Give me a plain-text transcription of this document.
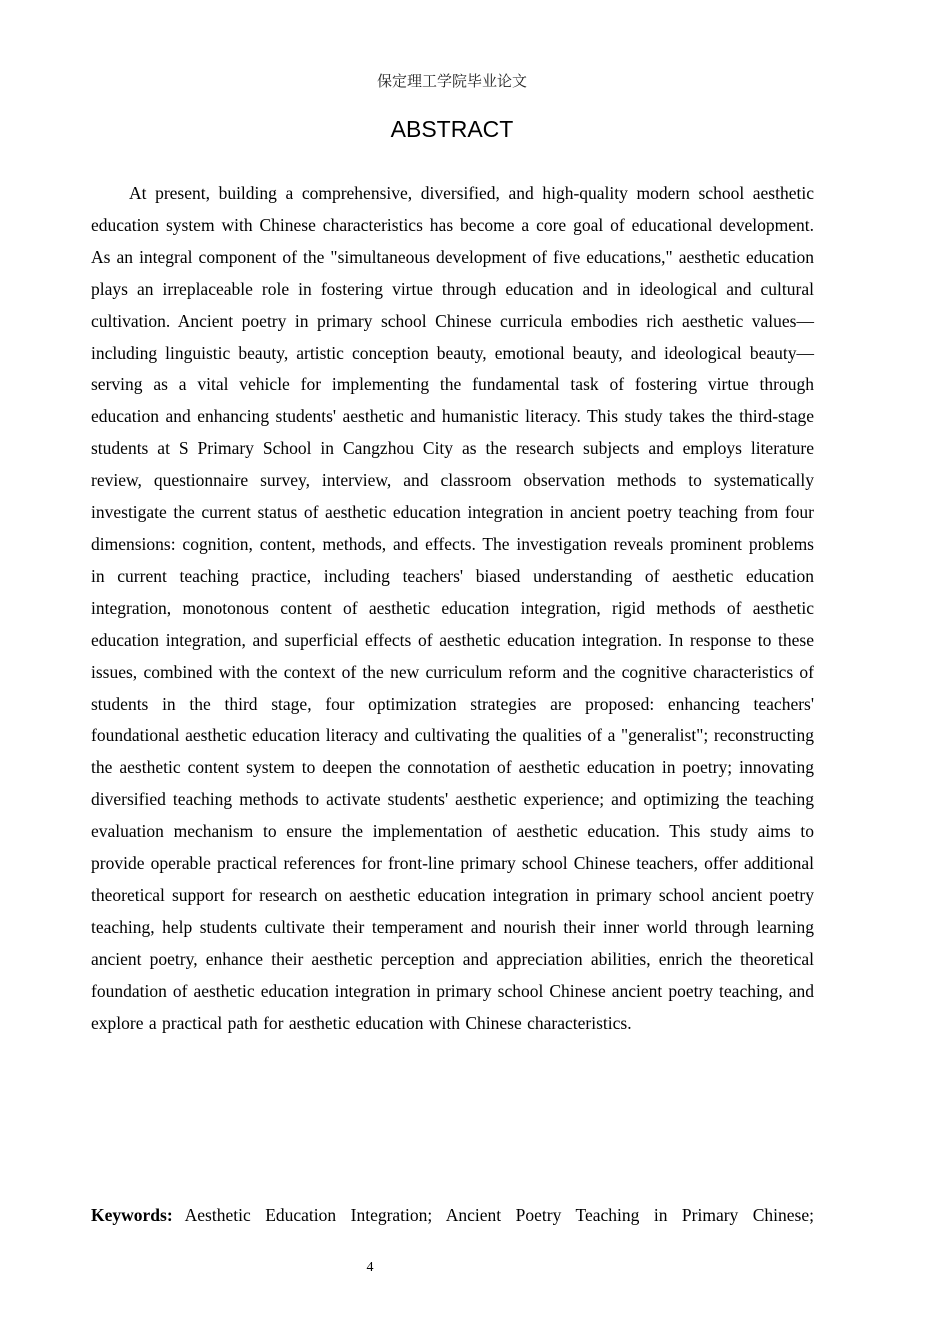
保定理工学院毕业论文
ABSTRACT

At present, building a comprehensive, diversified, and high-quality modern school aesthetic education system with Chinese characteristics has become a core goal of educational development. As an integral component of the "simultaneous development of five educations," aesthetic education plays an irreplaceable role in fostering virtue through education and in ideological and cultural cultivation. Ancient poetry in primary school Chinese curricula embodies rich aesthetic values—including linguistic beauty, artistic conception beauty, emotional beauty, and ideological beauty—serving as a vital vehicle for implementing the fundamental task of fostering virtue through education and enhancing students' aesthetic and humanistic literacy. This study takes the third-stage students at S Primary School in Cangzhou City as the research subjects and employs literature review, questionnaire survey, interview, and classroom observation methods to systematically investigate the current status of aesthetic education integration in ancient poetry teaching from four dimensions: cognition, content, methods, and effects. The investigation reveals prominent problems in current teaching practice, including teachers' biased understanding of aesthetic education integration, monotonous content of aesthetic education integration, rigid methods of aesthetic education integration, and superficial effects of aesthetic education integration. In response to these issues, combined with the context of the new curriculum reform and the cognitive characteristics of students in the third stage, four optimization strategies are proposed: enhancing teachers' foundational aesthetic education literacy and cultivating the qualities of a "generalist"; reconstructing the aesthetic content system to deepen the connotation of aesthetic education in poetry; innovating diversified teaching methods to activate students' aesthetic experience; and optimizing the teaching evaluation mechanism to ensure the implementation of aesthetic education. This study aims to provide operable practical references for front-line primary school Chinese teachers, offer additional theoretical support for research on aesthetic education integration in primary school ancient poetry teaching, help students cultivate their temperament and nourish their inner world through learning ancient poetry, enhance their aesthetic perception and appreciation abilities, enrich the theoretical foundation of aesthetic education integration in primary school Chinese ancient poetry teaching, and explore a practical path for aesthetic education with Chinese characteristics.

Keywords: Aesthetic Education Integration; Ancient Poetry Teaching in Primary Chinese;
4
